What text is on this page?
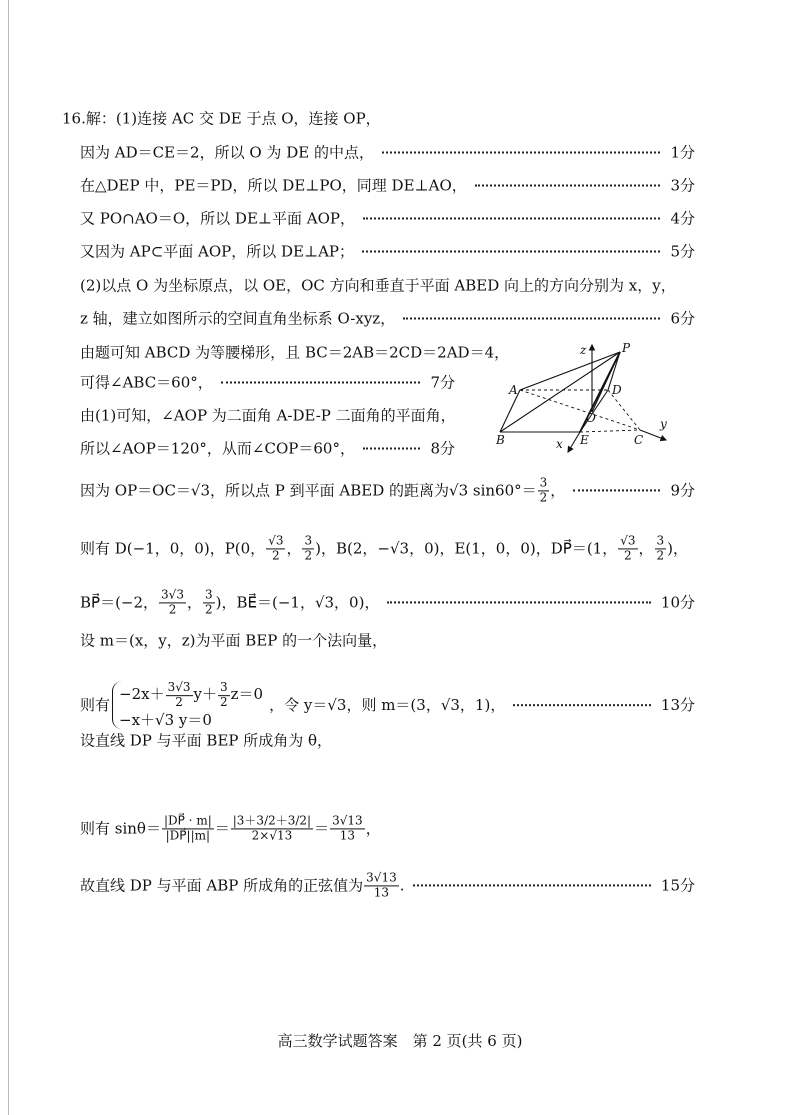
16.解：(1)连接 AC 交 DE 于点 O，连接 OP，
因为 AD＝CE＝2，所以 O 为 DE 的中点，	1分
在△DEP 中，PE＝PD，所以 DE⊥PO，同理 DE⊥AO，	3分
又 PO∩AO＝O，所以 DE⊥平面 AOP，	4分
又因为 AP⊂平面 AOP，所以 DE⊥AP；	5分
(2)以点 O 为坐标原点，以 OE，OC 方向和垂直于平面 ABED 向上的方向分别为 x，y，
z 轴，建立如图所示的空间直角坐标系 O-xyz，	6分
由题可知 ABCD 为等腰梯形，且 BC＝2AB＝2CD＝2AD＝4，
可得∠ABC＝60°，	7分
由(1)可知，∠AOP 为二面角 A-DE-P 二面角的平面角，
所以∠AOP＝120°，从而∠COP＝60°，	8分
因为 OP＝OC＝√3，所以点 P 到平面 ABED 的距离为√3 $\sin 60^\circ= \frac{3}{2}$ ，	9分
则有 D(−1，0，0)，P(0， $\frac{√3}{2}$ ， $\frac{3}{2}$ )，B(2，−√3，0)，E(1，0，0)，DP⃗＝(1， $\frac{√3}{2}$ ， $\frac{3}{2}$ )，
BP⃗＝(−2， $\frac{3√3}{2}$ ， $\frac{3}{2}$ )，BE⃗＝(−1，√3，0)，	10分
设 m＝(x，y，z)为平面 BEP 的一个法向量，
则有
$-2x+ \frac{3√3}{2} y+ \frac{3}{2} z=0$
−x＋√3 y＝0
，令 y＝√3，则 m＝(3，√3，1)，	13分
设直线 DP 与平面 BEP 所成角为 θ，
则有 $\sin\theta= \frac{|DP⃗ \cdot m|}{|DP⃗||m|} = \frac{|3+3/2+3/2|}{2\times√13} = \frac{3√13}{13}$ ，
故直线 DP 与平面 ABP 所成角的正弦值为 $\frac{3√13}{13}$ .	15分
P
z
A	D
O
B	E	C
x
y
高三数学试题答案　第 2 页(共 6 页)
